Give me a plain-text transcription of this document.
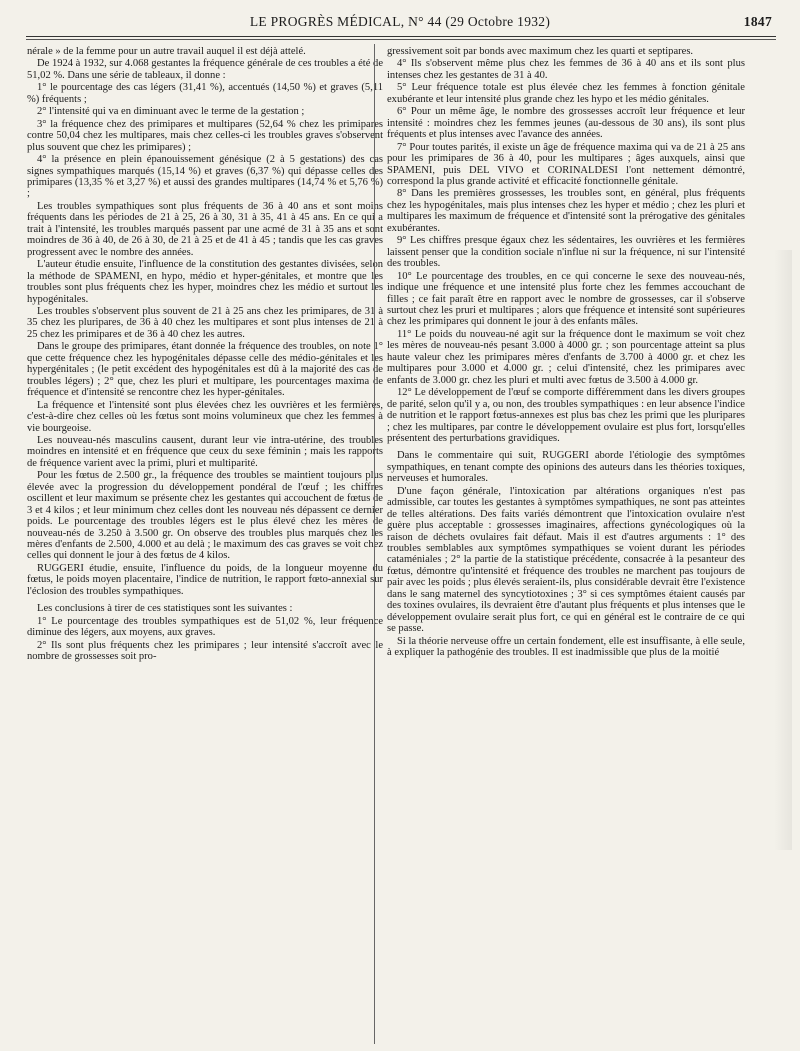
LE PROGRÈS MÉDICAL, N° 44 (29 Octobre 1932)	1847

nérale » de la femme pour un autre travail auquel il est déjà attelé.

De 1924 à 1932, sur 4.068 gestantes la fréquence générale de ces troubles a été de 51,02 %. Dans une série de tableaux, il donne :

1° le pourcentage des cas légers (31,41 %), accentués (14,50 %) et graves (5,11 %) fréquents ;

2° l'intensité qui va en diminuant avec le terme de la gestation ;

3° la fréquence chez des primipares et multipares (52,64 % chez les primipares contre 50,04 chez les multipares, mais chez celles-ci les troubles graves s'observent plus souvent que chez les primipares) ;

4° la présence en plein épanouissement génésique (2 à 5 gestations) des cas signes sympathiques marqués (15,14 %) et graves (6,37 %) qui dépasse celles des primipares (13,35 % et 3,27 %) et aussi des grandes multipares (14,74 % et 5,76 %) ;

Les troubles sympathiques sont plus fréquents de 36 à 40 ans et sont moins fréquents dans les périodes de 21 à 25, 26 à 30, 31 à 35, 41 à 45 ans. En ce qui a trait à l'intensité, les troubles marqués passent par une acmé de 31 à 35 ans et sont moindres de 36 à 40, de 26 à 30, de 21 à 25 et de 41 à 45 ; tandis que les cas graves progressent avec le nombre des années.

L'auteur étudie ensuite, l'influence de la constitution des gestantes divisées, selon la méthode de SPAMENI, en hypo, médio et hyper-génitales, et montre que les troubles sont plus fréquents chez les hyper, moindres chez les médio et surtout les hypogénitales.

Les troubles s'observent plus souvent de 21 à 25 ans chez les primipares, de 31 à 35 chez les pluripares, de 36 à 40 chez les multipares et sont plus intenses de 21 à 25 chez les primipares et de 36 à 40 chez les autres.

Dans le groupe des primipares, étant donnée la fréquence des troubles, on note 1° que cette fréquence chez les hypogénitales dépasse celle des médio-génitales et les hypergénitales ; (le petit excédent des hypogénitales est dû à la majorité des cas de troubles légers) ; 2° que, chez les pluri et multipare, les pourcentages maxima de fréquence et d'intensité se rencontre chez les hyper-génitales.

La fréquence et l'intensité sont plus élevées chez les ouvrières et les fermières, c'est-à-dire chez celles où les fœtus sont moins volumineux que chez les femmes à vie bourgeoise.

Les nouveau-nés masculins causent, durant leur vie intra-utérine, des troubles moindres en intensité et en fréquence que ceux du sexe féminin ; mais les rapports de fréquence varient avec la primi, pluri et multiparité.

Pour les fœtus de 2.500 gr., la fréquence des troubles se maintient toujours plus élevée avec la progression du développement pondéral de l'œuf ; les chiffres oscillent et leur maximum se présente chez les gestantes qui accouchent de fœtus de 3 et 4 kilos ; et leur minimum chez celles dont les nouveau nés dépassent ce dernier poids. Le pourcentage des troubles légers est le plus élevé chez les mères de nouveau-nés de 3.250 à 3.500 gr. On observe des troubles plus marqués chez les mères d'enfants de 2.500, 4.000 et au delà ; le maximum des cas graves se voit chez celles qui donnent le jour à des fœtus de 4 kilos.

RUGGERI étudie, ensuite, l'influence du poids, de la longueur moyenne du fœtus, le poids moyen placentaire, l'indice de nutrition, le rapport fœto-annexial sur l'éclosion des troubles sympathiques.

Les conclusions à tirer de ces statistiques sont les suivantes :

1° Le pourcentage des troubles sympathiques est de 51,02 %, leur fréquence diminue des légers, aux moyens, aux graves.

2° Ils sont plus fréquents chez les primipares ; leur intensité s'accroît avec le nombre de grossesses soit pro-

gressivement soit par bonds avec maximum chez les quarti et septipares.

4° Ils s'observent même plus chez les femmes de 36 à 40 ans et ils sont plus intenses chez les gestantes de 31 à 40.

5° Leur fréquence totale est plus élevée chez les femmes à fonction génitale exubérante et leur intensité plus grande chez les hypo et les médio génitales.

6° Pour un même âge, le nombre des grossesses accroît leur fréquence et leur intensité : moindres chez les femmes jeunes (au-dessous de 30 ans), ils sont plus fréquents et plus intenses avec l'avance des années.

7° Pour toutes parités, il existe un âge de fréquence maxima qui va de 21 à 25 ans pour les primipares de 36 à 40, pour les multipares ; âges auxquels, ainsi que SPAMENI, puis DEL VIVO et CORINALDESI l'ont nettement démontré, correspond la plus grande activité et efficacité fonctionnelle génitale.

8° Dans les premières grossesses, les troubles sont, en général, plus fréquents chez les hypogénitales, mais plus intenses chez les hyper et médio ; chez les pluri et multipares les maximum de fréquence et d'intensité sont la prérogative des génitales exubérantes.

9° Les chiffres presque égaux chez les sédentaires, les ouvrières et les fermières laissent penser que la condition sociale n'influe ni sur la fréquence, ni sur l'intensité des troubles.

10° Le pourcentage des troubles, en ce qui concerne le sexe des nouveau-nés, indique une fréquence et une intensité plus forte chez les femmes accouchant de filles ; ce fait paraît être en rapport avec le nombre de grossesses, car il s'observe surtout chez les pruri et multipares ; alors que fréquence et intensité sont supérieures chez les primipares qui donnent le jour à des enfants mâles.

11° Le poids du nouveau-né agit sur la fréquence dont le maximum se voit chez les mères de nouveau-nés pesant 3.000 à 4000 gr. ; son pourcentage atteint sa plus haute valeur chez les primipares mères d'enfants de 3.700 à 4000 gr. et chez les multipares pour 3.000 et 4.000 gr. ; celui d'intensité, chez les primipares avec enfants de 3.000 gr. chez les pluri et multi avec fœtus de 3.500 à 4.000 gr.

12° Le développement de l'œuf se comporte différemment dans les divers groupes de parité, selon qu'il y a, ou non, des troubles sympathiques : en leur absence l'indice de nutrition et le rapport fœtus-annexes est plus bas chez les primi que les pluripares ; chez les multipares, par contre le développement ovulaire est plus fort, lorsqu'elles présentent des perturbations gravidiques.

Dans le commentaire qui suit, RUGGERI aborde l'étiologie des symptômes sympathiques, en tenant compte des opinions des auteurs dans les théories toxiques, nerveuses et humorales.

D'une façon générale, l'intoxication par altérations organiques n'est pas admissible, car toutes les gestantes à symptômes sympathiques, ne sont pas atteintes de telles altérations. Des faits variés démontrent que l'intoxication ovulaire n'est guère plus acceptable : grossesses imaginaires, affections gynécologiques où la raison de déchets ovulaires fait défaut. Mais il est d'autres arguments : 1° des troubles semblables aux symptômes sympathiques se voient durant les périodes cataméniales ; 2° la partie de la statistique précédente, consacrée à la pesanteur des fœtus, démontre qu'intensité et fréquence des troubles ne marchent pas toujours de pair avec les poids ; plus élevés seraient-ils, plus considérable devrait être l'existence dans le sang maternel des syncytiotoxines ; 3° si ces symptômes étaient causés par des toxines ovulaires, ils devraient être d'autant plus fréquents et plus intenses que le développement ovulaire serait plus fort, ce qui en général est le contraire de ce qui se passe.

Si la théorie nerveuse offre un certain fondement, elle est insuffisante, à elle seule, à expliquer la pathogénie des troubles. Il est inadmissible que plus de la moitié
